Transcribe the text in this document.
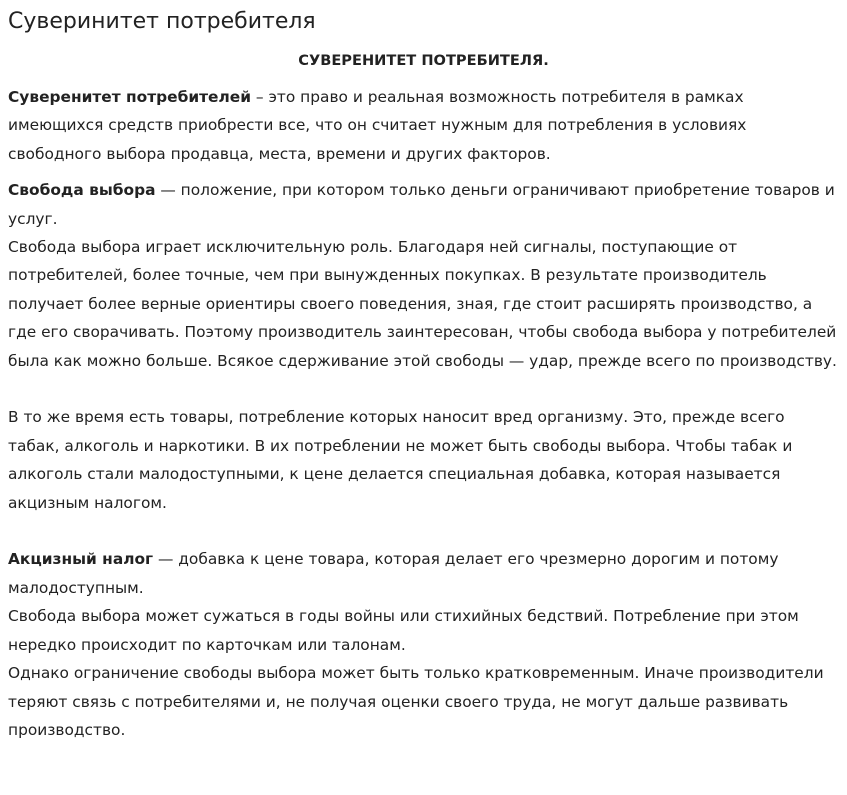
Суверинитет потребителя
СУВЕРЕНИТЕТ ПОТРЕБИТЕЛЯ.

Суверенитет потребителей – это право и реальная возможность потребителя в рамках имеющихся средств приобрести все, что он считает нужным для потребления в условиях свободного выбора продавца, места, времени и других факторов.

Свобода выбора — положение, при котором только деньги ограничивают приобретение товаров и услуг.

Свобода выбора играет исключительную роль. Благодаря ней сигналы, поступающие от потребителей, более точные, чем при вынужденных покупках. В результате производитель получает более верные ориентиры своего поведения, зная, где стоит расширять производство, а где его сворачивать. Поэтому производитель заинтересован, чтобы свобода выбора у потребителей была как можно больше. Всякое сдерживание этой свободы — удар, прежде всего по производству.

В то же время есть товары, потребление которых наносит вред организму. Это, прежде всего табак, алкоголь и наркотики. В их потреблении не может быть свободы выбора. Чтобы табак и алкоголь стали малодоступными, к цене делается специальная добавка, которая называется акцизным налогом.

Акцизный налог — добавка к цене товара, которая делает его чрезмерно дорогим и потому малодоступным.

Свобода выбора может сужаться в годы войны или стихийных бедствий. Потребление при этом нередко происходит по карточкам или талонам.

Однако ограничение свободы выбора может быть только кратковременным. Иначе производители теряют связь с потребителями и, не получая оценки своего труда, не могут дальше развивать производство.
